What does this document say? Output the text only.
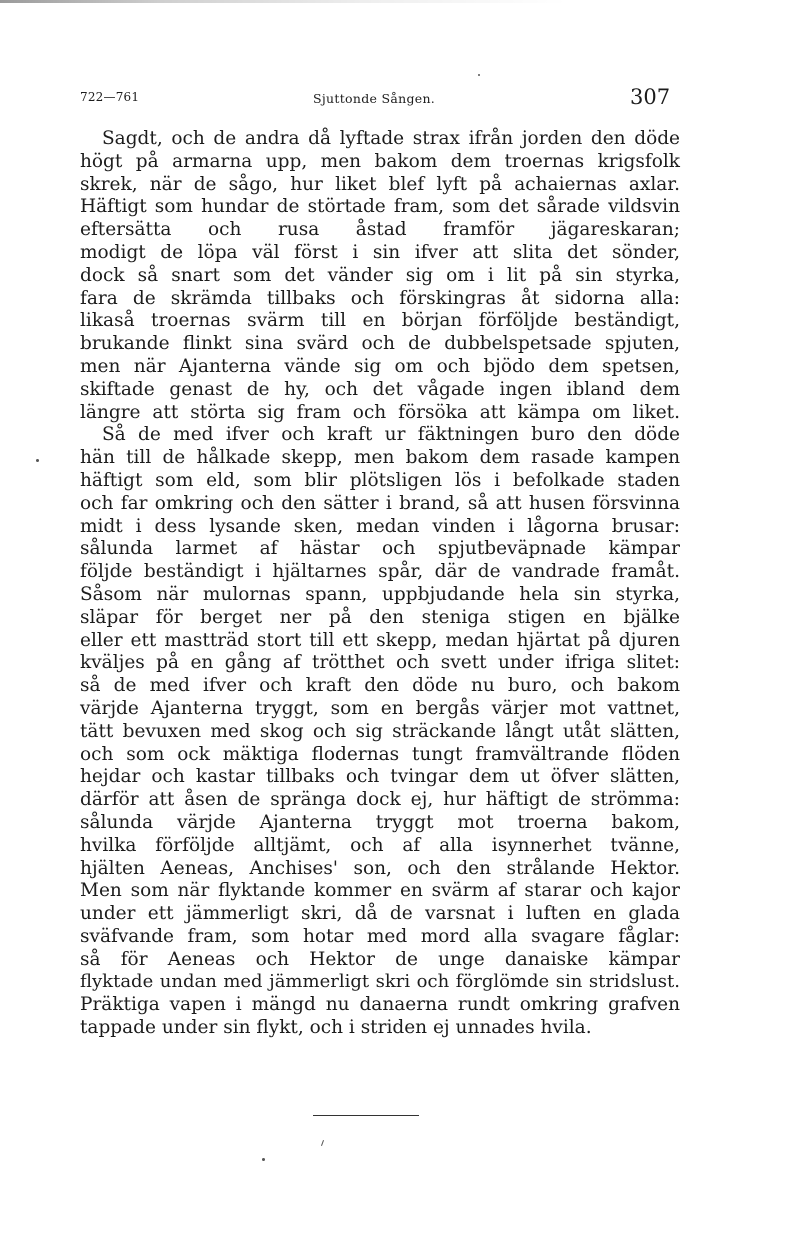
722—761	Sjuttonde Sången.	307
Sagdt, och de andra då lyftade strax ifrån jorden den döde
högt på armarna upp, men bakom dem troernas krigsfolk
skrek, när de sågo, hur liket blef lyft på achaiernas axlar.
Häftigt som hundar de störtade fram, som det sårade vildsvin
eftersätta och rusa åstad framför jägareskaran;
modigt de löpa väl först i sin ifver att slita det sönder,
dock så snart som det vänder sig om i lit på sin styrka,
fara de skrämda tillbaks och förskingras åt sidorna alla:
likaså troernas svärm till en början förföljde beständigt,
brukande flinkt sina svärd och de dubbelspetsade spjuten,
men när Ajanterna vände sig om och bjödo dem spetsen,
skiftade genast de hy, och det vågade ingen ibland dem
längre att störta sig fram och försöka att kämpa om liket.
Så de med ifver och kraft ur fäktningen buro den döde
hän till de hålkade skepp, men bakom dem rasade kampen
häftigt som eld, som blir plötsligen lös i befolkade staden
och far omkring och den sätter i brand, så att husen försvinna
midt i dess lysande sken, medan vinden i lågorna brusar:
sålunda larmet af hästar och spjutbeväpnade kämpar
följde beständigt i hjältarnes spår, där de vandrade framåt.
Såsom när mulornas spann, uppbjudande hela sin styrka,
släpar för berget ner på den steniga stigen en bjälke
eller ett mastträd stort till ett skepp, medan hjärtat på djuren
kväljes på en gång af trötthet och svett under ifriga slitet:
så de med ifver och kraft den döde nu buro, och bakom
värjde Ajanterna tryggt, som en bergås värjer mot vattnet,
tätt bevuxen med skog och sig sträckande långt utåt slätten,
och som ock mäktiga flodernas tungt framvältrande flöden
hejdar och kastar tillbaks och tvingar dem ut öfver slätten,
därför att åsen de spränga dock ej, hur häftigt de strömma:
sålunda värjde Ajanterna tryggt mot troerna bakom,
hvilka förföljde alltjämt, och af alla isynnerhet tvänne,
hjälten Aeneas, Anchises' son, och den strålande Hektor.
Men som när flyktande kommer en svärm af starar och kajor
under ett jämmerligt skri, då de varsnat i luften en glada
sväfvande fram, som hotar med mord alla svagare fåglar:
så för Aeneas och Hektor de unge danaiske kämpar
flyktade undan med jämmerligt skri och förglömde sin stridslust.
Präktiga vapen i mängd nu danaerna rundt omkring grafven
tappade under sin flykt, och i striden ej unnades hvila.
